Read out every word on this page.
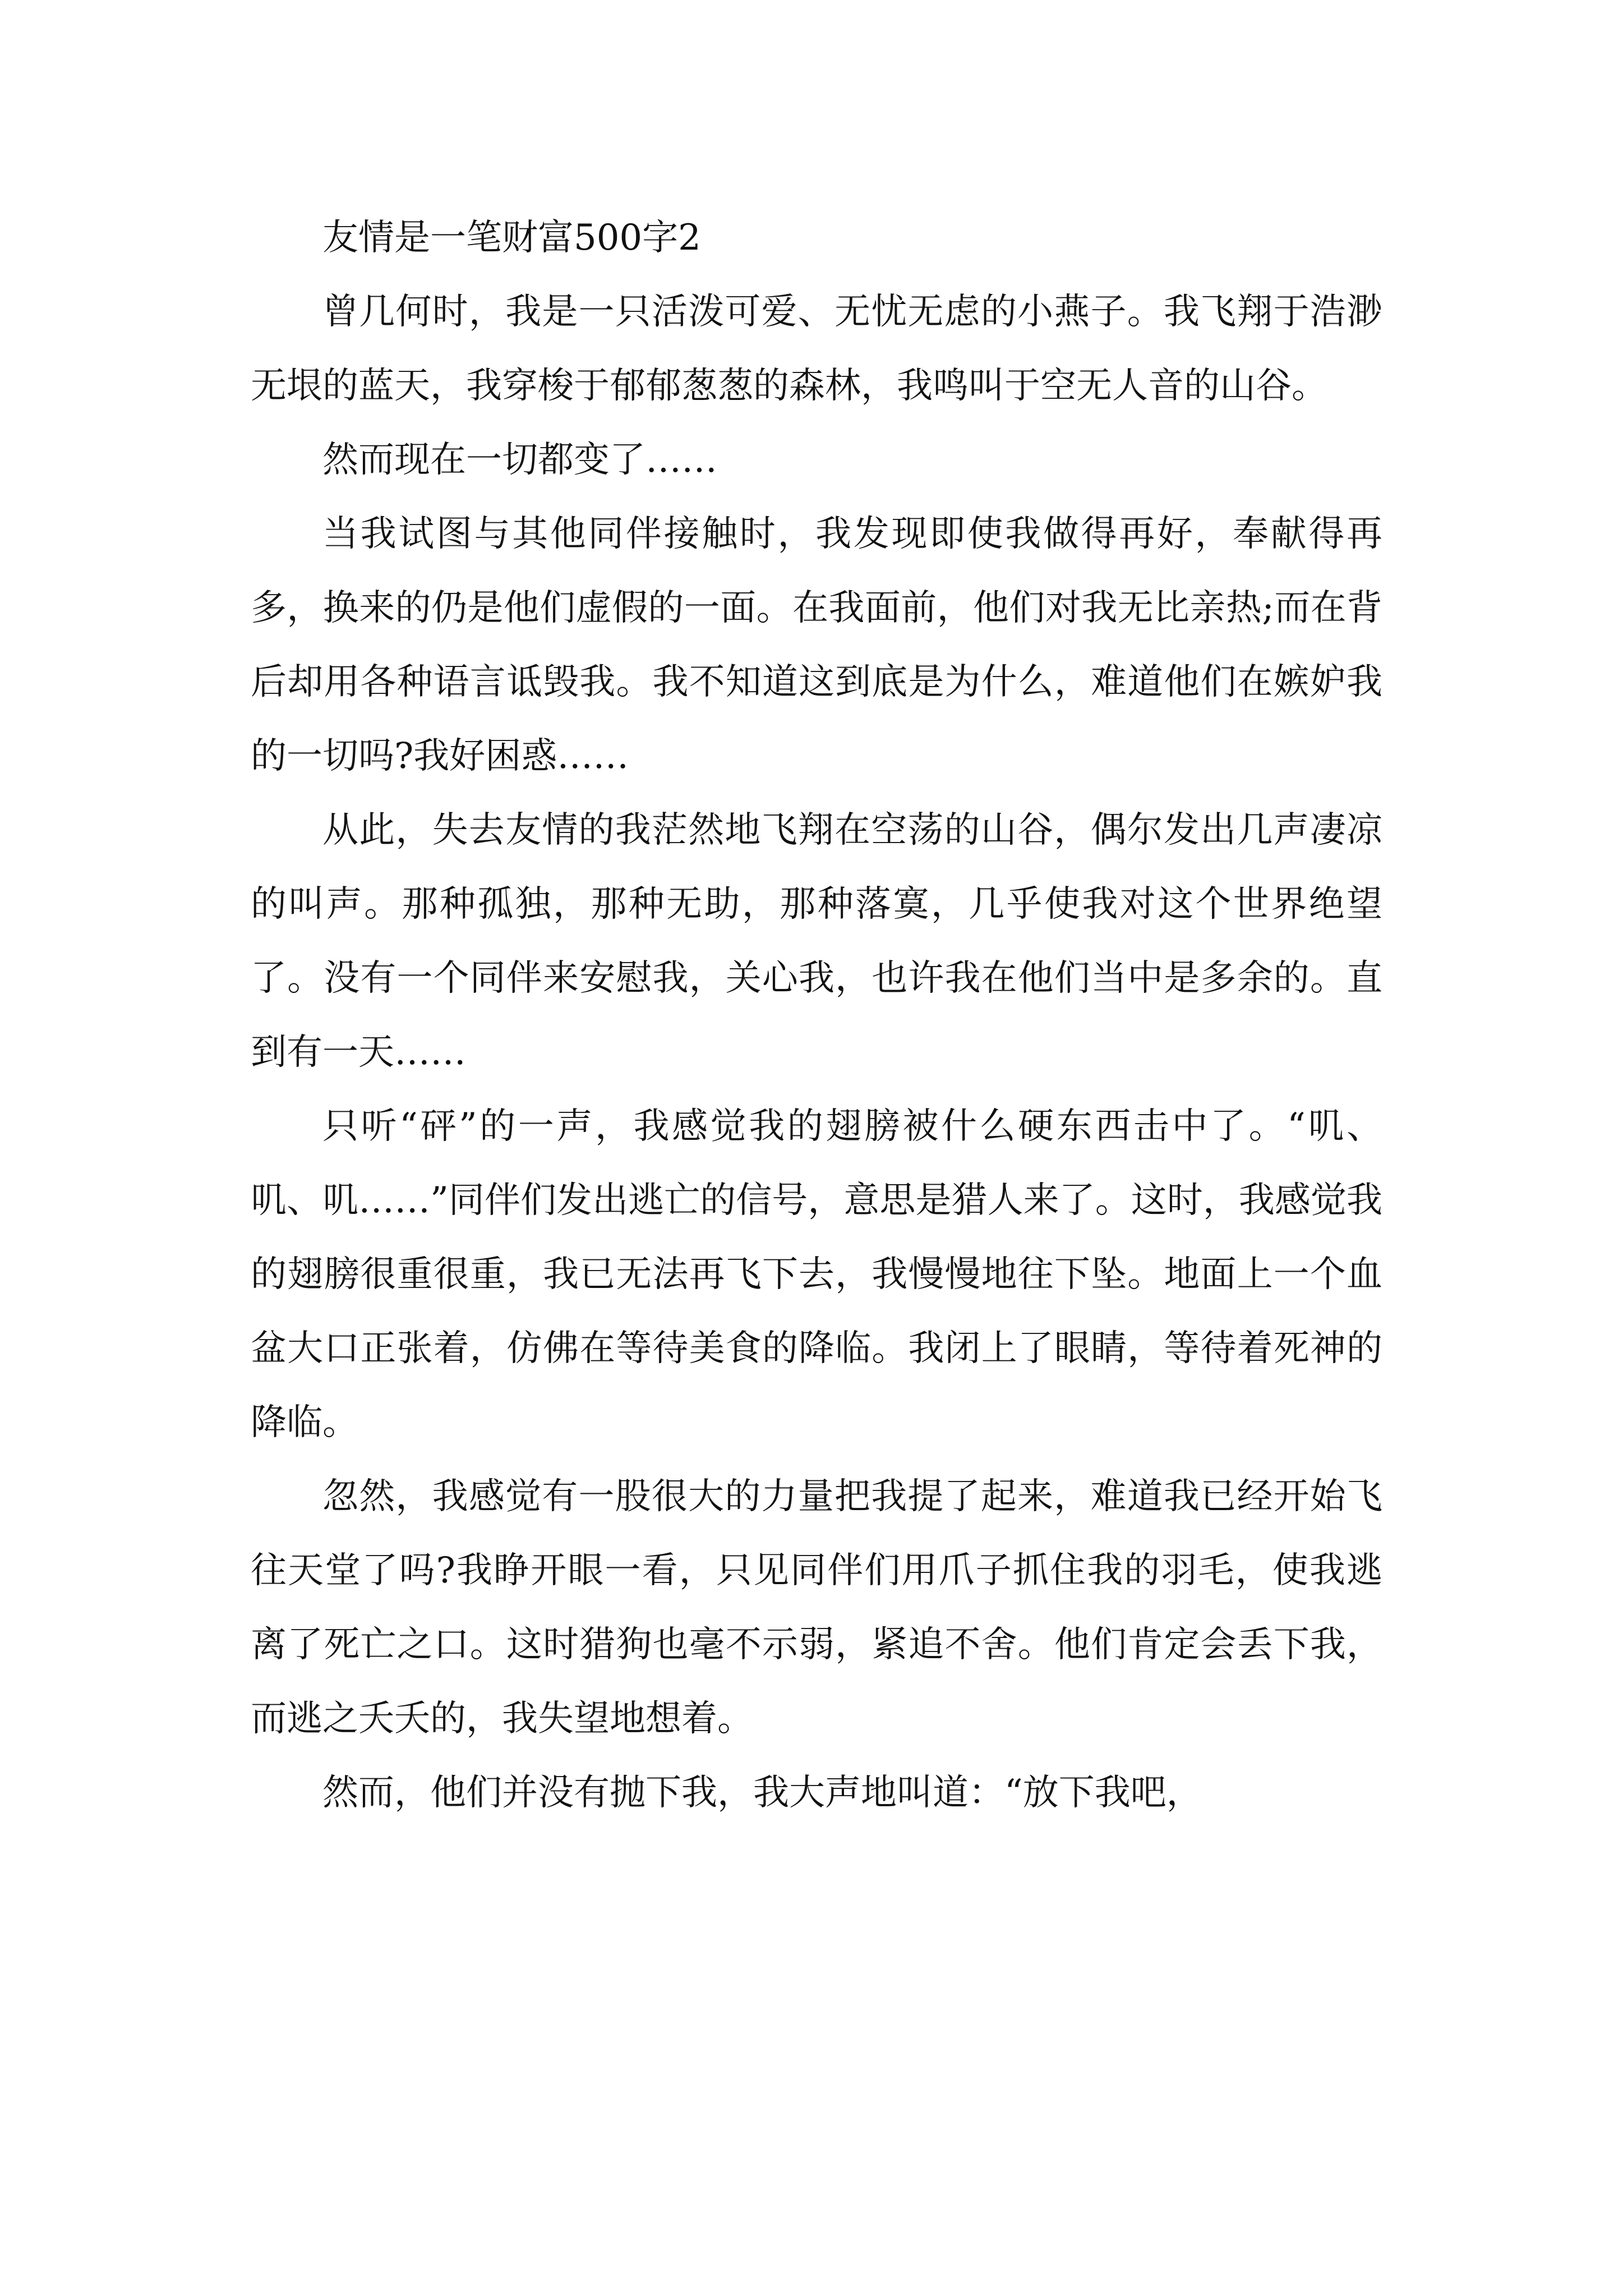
友情是一笔财富500字2

曾几何时，我是一只活泼可爱、无忧无虑的小燕子。我飞翔于浩渺无垠的蓝天，我穿梭于郁郁葱葱的森林，我鸣叫于空无人音的山谷。

然而现在一切都变了……

当我试图与其他同伴接触时，我发现即使我做得再好，奉献得再多，换来的仍是他们虚假的一面。在我面前，他们对我无比亲热;而在背后却用各种语言诋毁我。我不知道这到底是为什么，难道他们在嫉妒我的一切吗?我好困惑……

从此，失去友情的我茫然地飞翔在空荡的山谷，偶尔发出几声凄凉的叫声。那种孤独，那种无助，那种落寞，几乎使我对这个世界绝望了。没有一个同伴来安慰我，关心我，也许我在他们当中是多余的。直到有一天……

只听“砰”的一声，我感觉我的翅膀被什么硬东西击中了。“叽、叽、叽……”同伴们发出逃亡的信号，意思是猎人来了。这时，我感觉我的翅膀很重很重，我已无法再飞下去，我慢慢地往下坠。地面上一个血盆大口正张着，仿佛在等待美食的降临。我闭上了眼睛，等待着死神的降临。

忽然，我感觉有一股很大的力量把我提了起来，难道我已经开始飞往天堂了吗?我睁开眼一看，只见同伴们用爪子抓住我的羽毛，使我逃离了死亡之口。这时猎狗也毫不示弱，紧追不舍。他们肯定会丢下我，而逃之夭夭的，我失望地想着。

然而，他们并没有抛下我，我大声地叫道：“放下我吧，
